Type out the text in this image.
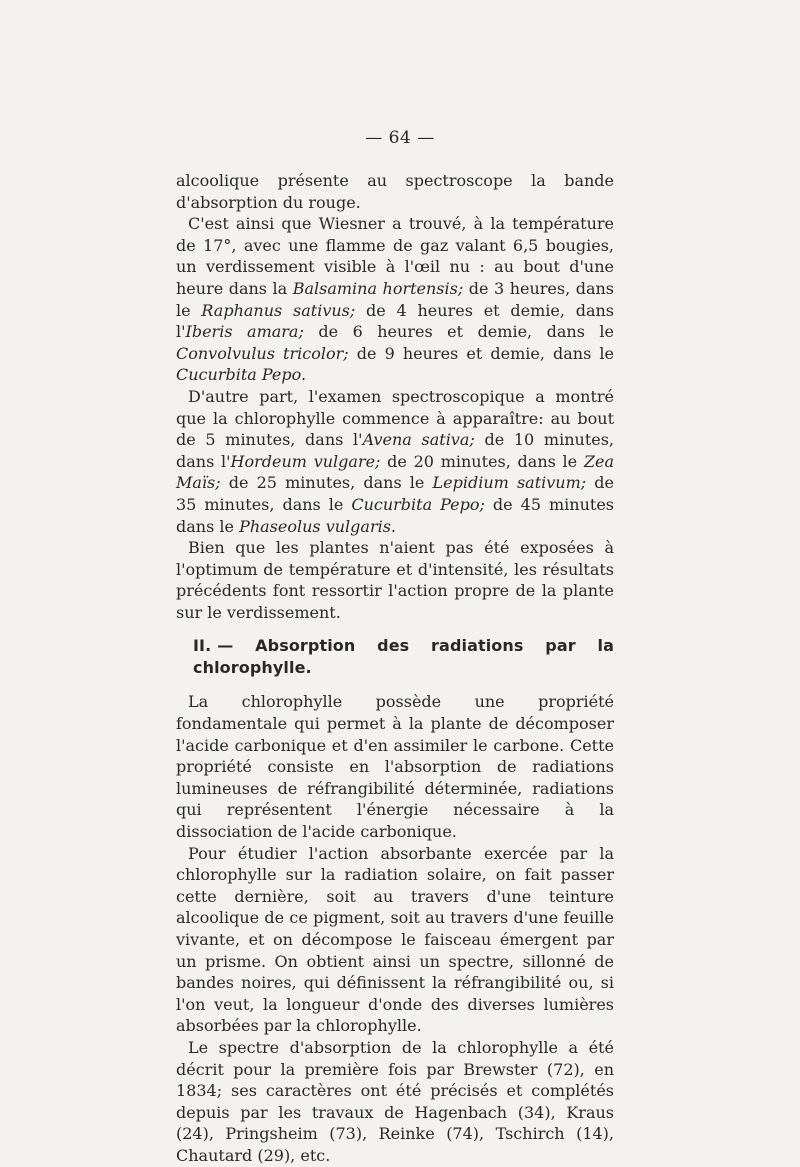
— 64 —

alcoolique présente au spectroscope la bande d'absorption du rouge.

C'est ainsi que Wiesner a trouvé, à la température de 17°, avec une flamme de gaz valant 6,5 bougies, un verdissement visible à l'œil nu : au bout d'une heure dans la Balsamina hortensis; de 3 heures, dans le Raphanus sativus; de 4 heures et demie, dans l'Iberis amara; de 6 heures et demie, dans le Convolvulus tricolor; de 9 heures et demie, dans le Cucurbita Pepo.

D'autre part, l'examen spectroscopique a montré que la chlorophylle commence à apparaître: au bout de 5 minutes, dans l'Avena sativa; de 10 minutes, dans l'Hordeum vulgare; de 20 minutes, dans le Zea Maïs; de 25 minutes, dans le Lepidium sativum; de 35 minutes, dans le Cucurbita Pepo; de 45 minutes dans le Phaseolus vulgaris.

Bien que les plantes n'aient pas été exposées à l'optimum de température et d'intensité, les résultats précédents font ressortir l'action propre de la plante sur le verdissement.

II. — Absorption des radiations par la chlorophylle.

La chlorophylle possède une propriété fondamentale qui permet à la plante de décomposer l'acide carbonique et d'en assimiler le carbone. Cette propriété consiste en l'absorption de radiations lumineuses de réfrangibilité déterminée, radiations qui représentent l'énergie nécessaire à la dissociation de l'acide carbonique.

Pour étudier l'action absorbante exercée par la chlorophylle sur la radiation solaire, on fait passer cette dernière, soit au travers d'une teinture alcoolique de ce pigment, soit au travers d'une feuille vivante, et on décompose le faisceau émergent par un prisme. On obtient ainsi un spectre, sillonné de bandes noires, qui définissent la réfrangibilité ou, si l'on veut, la longueur d'onde des diverses lumières absorbées par la chlorophylle.

Le spectre d'absorption de la chlorophylle a été décrit pour la première fois par Brewster (72), en 1834; ses caractères ont été précisés et complétés depuis par les travaux de Hagenbach (34), Kraus (24), Pringsheim (73), Reinke (74), Tschirch (14), Chautard (29), etc.
